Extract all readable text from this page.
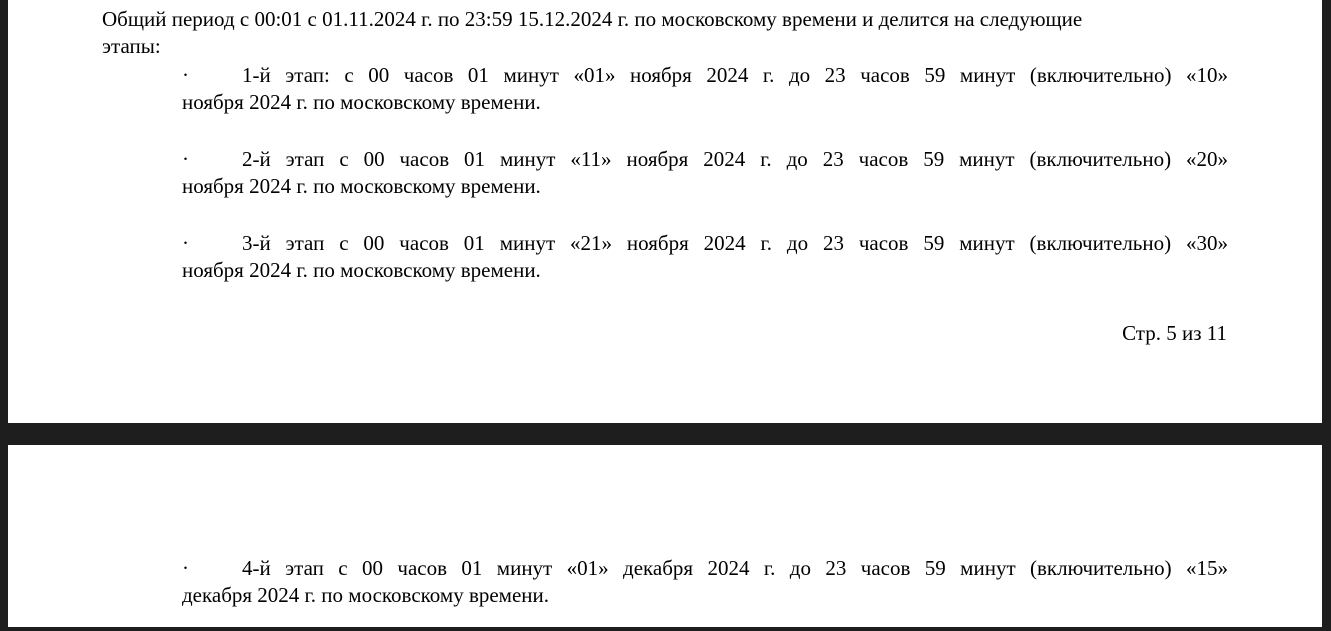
Общий период с 00:01 с 01.11.2024 г. по 23:59 15.12.2024 г. по московскому времени и делится на следующие

этапы:

·	1-й этап: с 00 часов 01 минут «01» ноября 2024 г. до 23 часов 59 минут (включительно) «10»
ноября 2024 г. по московскому времени.
·	2-й этап с 00 часов 01 минут «11» ноября 2024 г. до 23 часов 59 минут (включительно) «20»
ноября 2024 г. по московскому времени.
·	3-й этап с 00 часов 01 минут «21» ноября 2024 г. до 23 часов 59 минут (включительно) «30»
ноября 2024 г. по московскому времени.
Стр. 5 из 11
·	4-й этап с 00 часов 01 минут «01» декабря 2024 г. до 23 часов 59 минут (включительно) «15»
декабря 2024 г. по московскому времени.
